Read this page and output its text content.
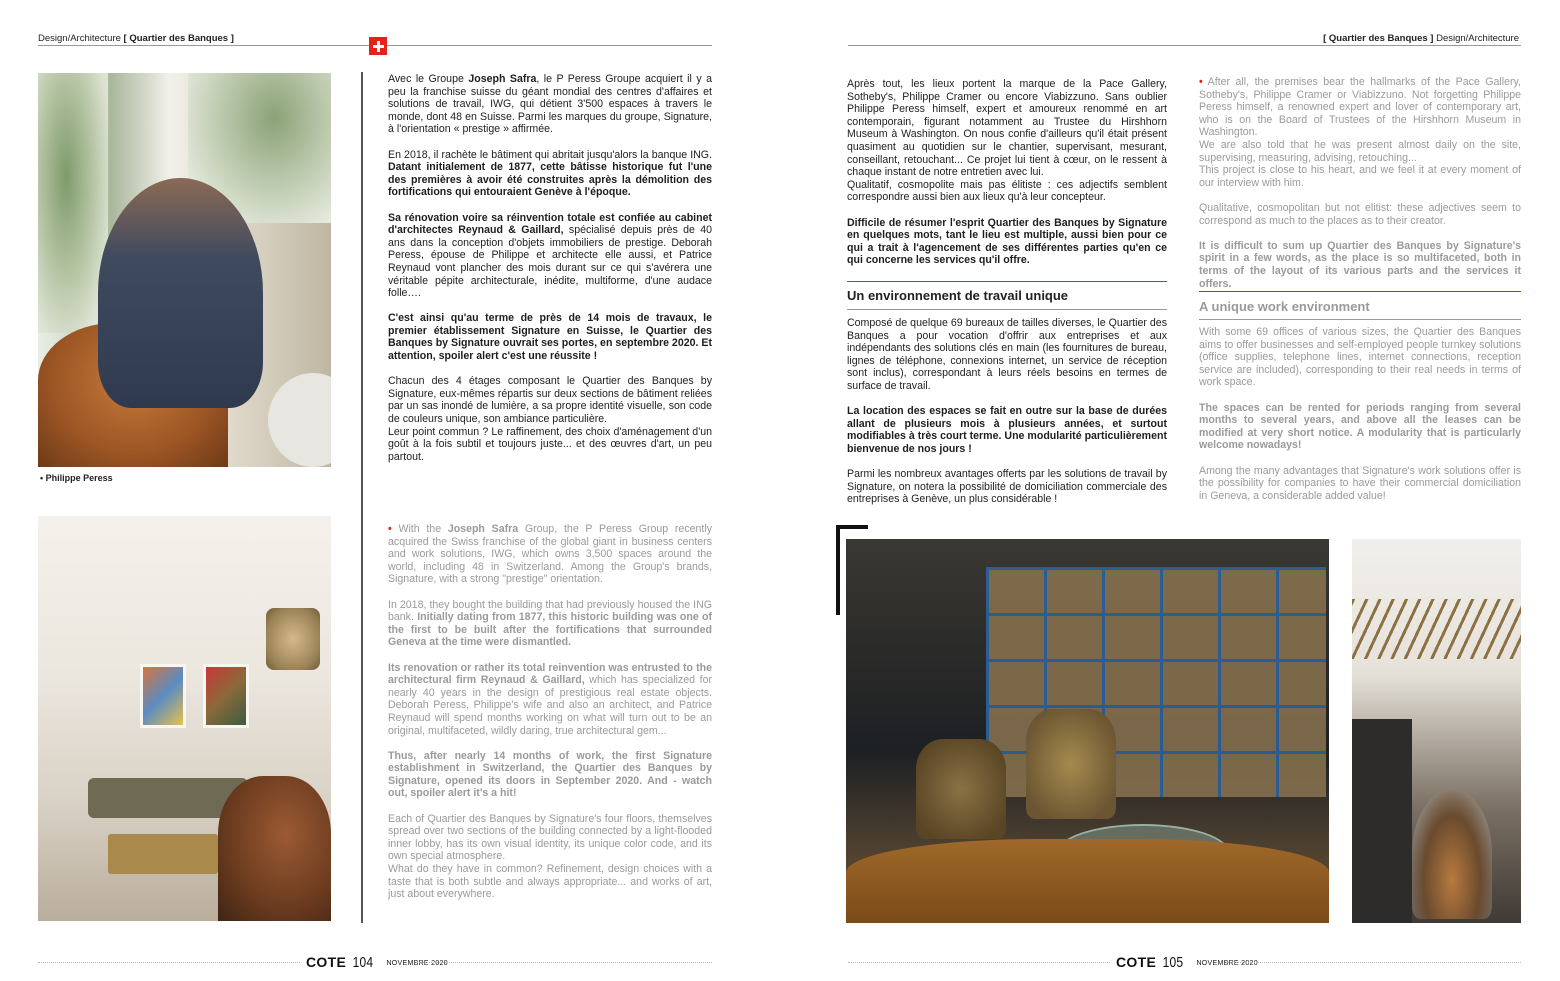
Design/Architecture [ Quartier des Banques ]	[ Quartier des Banques ] Design/Architecture
• Philippe Peress

Avec le Groupe Joseph Safra, le P Peress Groupe acquiert il y a peu la franchise suisse du géant mondial des centres d'affaires et solutions de travail, IWG, qui détient 3'500 espaces à travers le monde, dont 48 en Suisse. Parmi les marques du groupe, Signature, à l'orientation « prestige » affirmée.

En 2018, il rachète le bâtiment qui abritait jusqu'alors la banque ING. Datant initialement de 1877, cette bâtisse historique fut l'une des premières à avoir été construites après la démolition des fortifications qui entouraient Genève à l'époque.

Sa rénovation voire sa réinvention totale est confiée au cabinet d'architectes Reynaud & Gaillard, spécialisé depuis près de 40 ans dans la conception d'objets immobiliers de prestige. Deborah Peress, épouse de Philippe et architecte elle aussi, et Patrice Reynaud vont plancher des mois durant sur ce qui s'avérera une véritable pépite architecturale, inédite, multiforme, d'une audace folle….

C'est ainsi qu'au terme de près de 14 mois de travaux, le premier établissement Signature en Suisse, le Quartier des Banques by Signature ouvrait ses portes, en septembre 2020. Et attention, spoiler alert c'est une réussite !

Chacun des 4 étages composant le Quartier des Banques by Signature, eux-mêmes répartis sur deux sections de bâtiment reliées par un sas inondé de lumière, a sa propre identité visuelle, son code de couleurs unique, son ambiance particulière.

Leur point commun ? Le raffinement, des choix d'aménagement d'un goût à la fois subtil et toujours juste... et des œuvres d'art, un peu partout.

• With the Joseph Safra Group, the P Peress Group recently acquired the Swiss franchise of the global giant in business centers and work solutions, IWG, which owns 3,500 spaces around the world, including 48 in Switzerland. Among the Group's brands, Signature, with a strong "prestige" orientation.

In 2018, they bought the building that had previously housed the ING bank. Initially dating from 1877, this historic building was one of the first to be built after the fortifications that surrounded Geneva at the time were dismantled.

Its renovation or rather its total reinvention was entrusted to the architectural firm Reynaud & Gaillard, which has specialized for nearly 40 years in the design of prestigious real estate objects. Deborah Peress, Philippe's wife and also an architect, and Patrice Reynaud will spend months working on what will turn out to be an original, multifaceted, wildly daring, true architectural gem...

Thus, after nearly 14 months of work, the first Signature establishment in Switzerland, the Quartier des Banques by Signature, opened its doors in September 2020. And - watch out, spoiler alert it's a hit!

Each of Quartier des Banques by Signature's four floors, themselves spread over two sections of the building connected by a light-flooded inner lobby, has its own visual identity, its unique color code, and its own special atmosphere.

What do they have in common? Refinement, design choices with a taste that is both subtle and always appropriate... and works of art, just about everywhere.

Après tout, les lieux portent la marque de la Pace Gallery, Sotheby's, Philippe Cramer ou encore Viabizzuno. Sans oublier Philippe Peress himself, expert et amoureux renommé en art contemporain, figurant notamment au Trustee du Hirshhorn Museum à Washington. On nous confie d'ailleurs qu'il était présent quasiment au quotidien sur le chantier, supervisant, mesurant, conseillant, retouchant... Ce projet lui tient à cœur, on le ressent à chaque instant de notre entretien avec lui.

Qualitatif, cosmopolite mais pas élitiste : ces adjectifs semblent correspondre aussi bien aux lieux qu'à leur concepteur.

Difficile de résumer l'esprit Quartier des Banques by Signature en quelques mots, tant le lieu est multiple, aussi bien pour ce qui a trait à l'agencement de ses différentes parties qu'en ce qui concerne les services qu'il offre.

Un environnement de travail unique

Composé de quelque 69 bureaux de tailles diverses, le Quartier des Banques a pour vocation d'offrir aux entreprises et aux indépendants des solutions clés en main (les fournitures de bureau, lignes de téléphone, connexions internet, un service de réception sont inclus), correspondant à leurs réels besoins en termes de surface de travail.

La location des espaces se fait en outre sur la base de durées allant de plusieurs mois à plusieurs années, et surtout modifiables à très court terme. Une modularité particulièrement bienvenue de nos jours !

Parmi les nombreux avantages offerts par les solutions de travail by Signature, on notera la possibilité de domiciliation commerciale des entreprises à Genève, un plus considérable !

• After all, the premises bear the hallmarks of the Pace Gallery, Sotheby's, Philippe Cramer or Viabizzuno. Not forgetting Philippe Peress himself, a renowned expert and lover of contemporary art, who is on the Board of Trustees of the Hirshhorn Museum in Washington.

We are also told that he was present almost daily on the site, supervising, measuring, advising, retouching...

This project is close to his heart, and we feel it at every moment of our interview with him.

Qualitative, cosmopolitan but not elitist: these adjectives seem to correspond as much to the places as to their creator.

It is difficult to sum up Quartier des Banques by Signature's spirit in a few words, as the place is so multifaceted, both in terms of the layout of its various parts and the services it offers.

A unique work environment

With some 69 offices of various sizes, the Quartier des Banques aims to offer businesses and self-employed people turnkey solutions (office supplies, telephone lines, internet connections, reception service are included), corresponding to their real needs in terms of work space.

The spaces can be rented for periods ranging from several months to several years, and above all the leases can be modified at very short notice. A modularity that is particularly welcome nowadays!

Among the many advantages that Signature's work solutions offer is the possibility for companies to have their commercial domiciliation in Geneva, a considerable added value!

COTE 104 NOVEMBRE 2020	COTE 105 NOVEMBRE 2020
